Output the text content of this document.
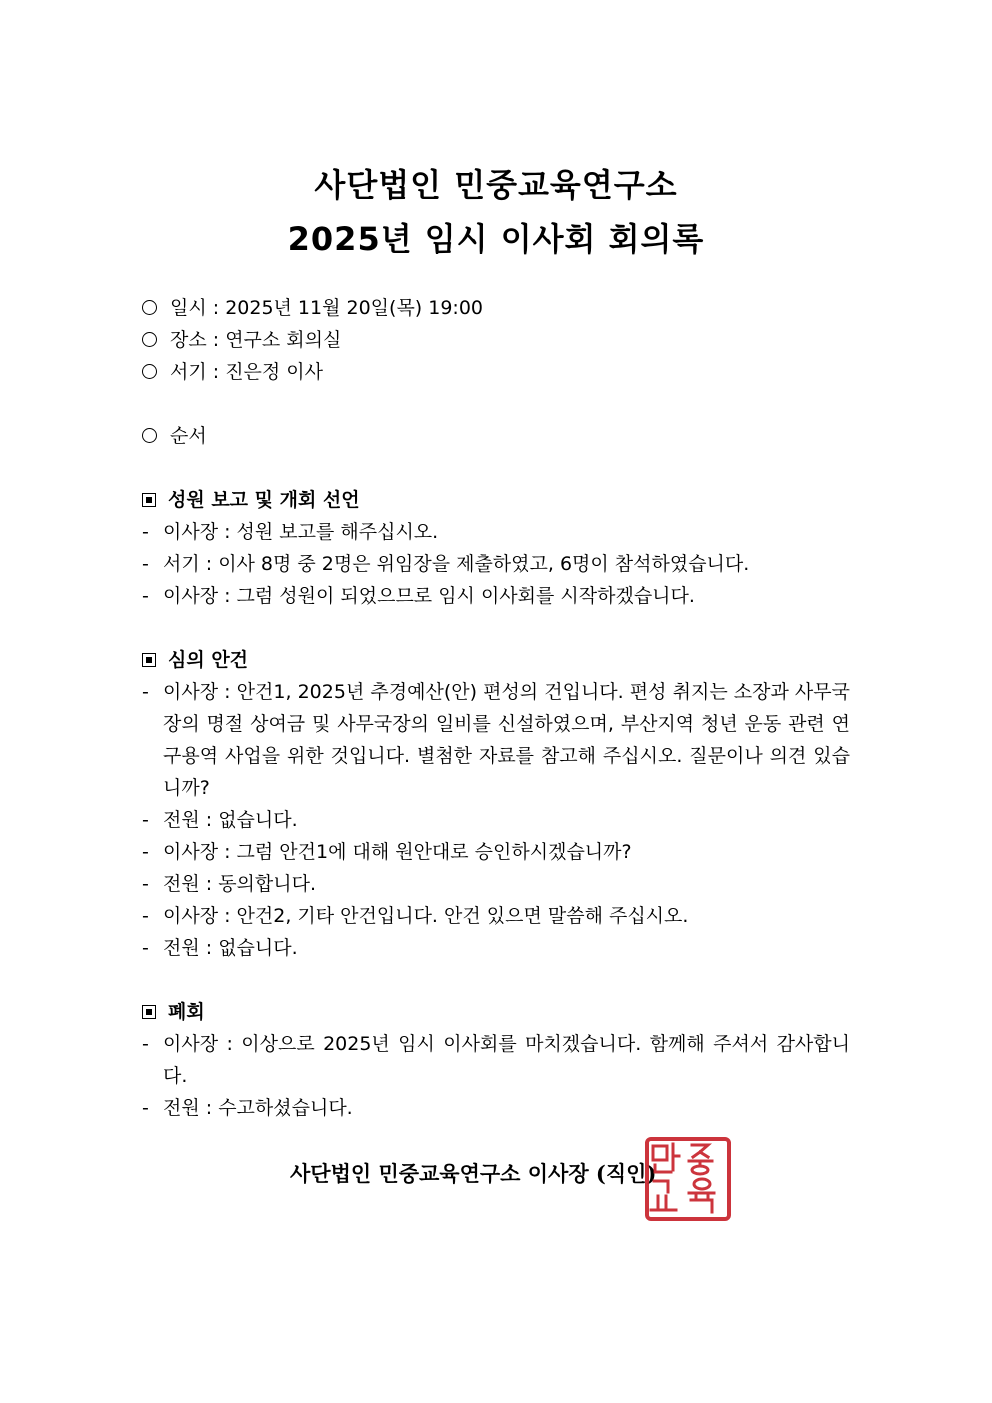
사단법인 민중교육연구소
2025년 임시 이사회 회의록
일시 : 2025년 11월 20일(목) 19:00
장소 : 연구소 회의실
서기 : 진은정 이사
순서
성원 보고 및 개회 선언
- 이사장 : 성원 보고를 해주십시오.
- 서기 : 이사 8명 중 2명은 위임장을 제출하였고, 6명이 참석하였습니다.
- 이사장 : 그럼 성원이 되었으므로 임시 이사회를 시작하겠습니다.
심의 안건
- 이사장 : 안건1, 2025년 추경예산(안) 편성의 건입니다. 편성 취지는 소장과 사무국장의 명절 상여금 및 사무국장의 일비를 신설하였으며, 부산지역 청년 운동 관련 연구용역 사업을 위한 것입니다. 별첨한 자료를 참고해 주십시오. 질문이나 의견 있습니까?
- 전원 : 없습니다.
- 이사장 : 그럼 안건1에 대해 원안대로 승인하시겠습니까?
- 전원 : 동의합니다.
- 이사장 : 안건2, 기타 안건입니다. 안건 있으면 말씀해 주십시오.
- 전원 : 없습니다.
폐회
- 이사장 : 이상으로 2025년 임시 이사회를 마치겠습니다. 함께해 주셔서 감사합니다.
- 전원 : 수고하셨습니다.
사단법인 민중교육연구소 이사장 (직인)
